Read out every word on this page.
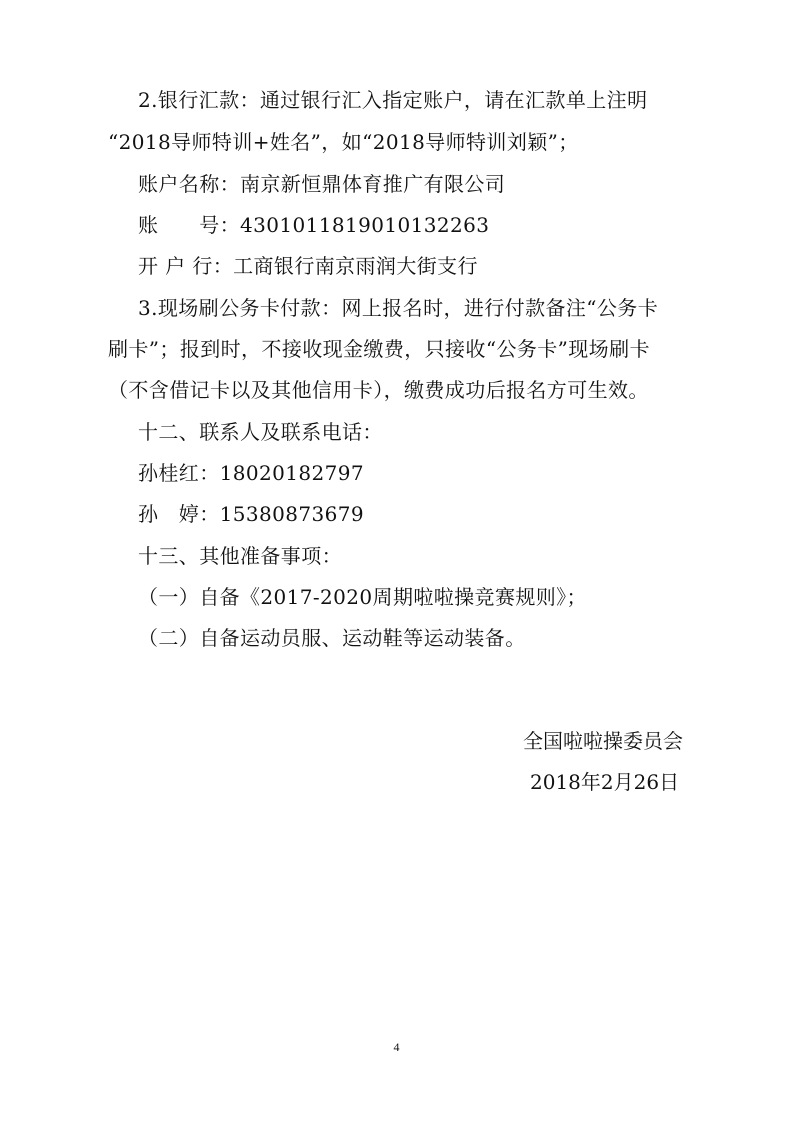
2.银行汇款：通过银行汇入指定账户，请在汇款单上注明
“2018导师特训+姓名”，如“2018导师特训刘颖”；
账户名称：南京新恒鼎体育推广有限公司
账　　号：4301011819010132263
开 户 行：工商银行南京雨润大街支行
3.现场刷公务卡付款：网上报名时，进行付款备注“公务卡
刷卡”；报到时，不接收现金缴费，只接收“公务卡”现场刷卡
（不含借记卡以及其他信用卡），缴费成功后报名方可生效。
十二、联系人及联系电话：
孙桂红：18020182797
孙　婷：15380873679
十三、其他准备事项：
（一）自备《2017-2020周期啦啦操竞赛规则》；
（二）自备运动员服、运动鞋等运动装备。
全国啦啦操委员会
2018年2月26日
4
